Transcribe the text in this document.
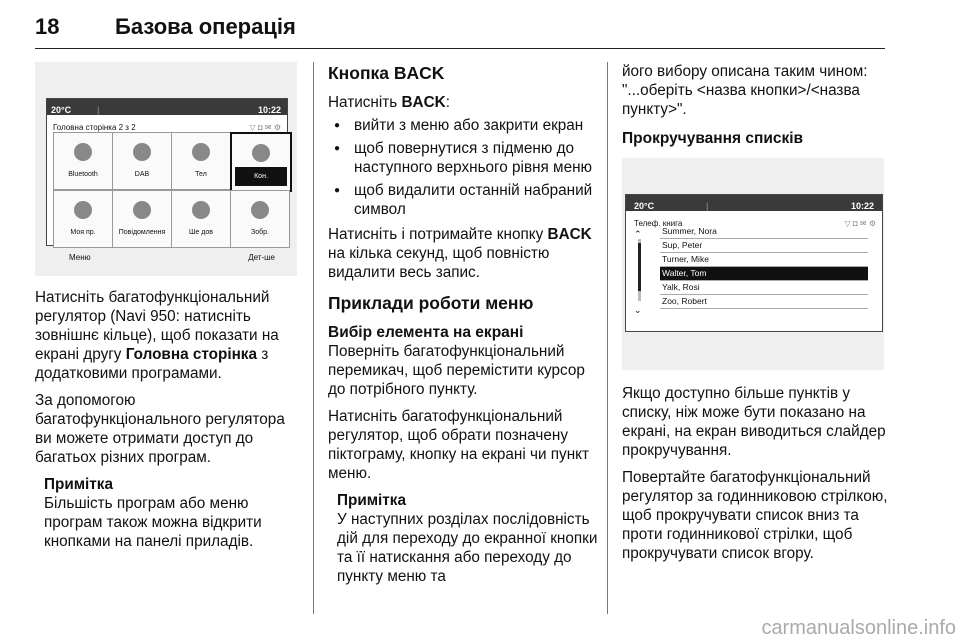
18	Базова операція
20°C	|	10:22
Головна сторінка 2 з 2	▽ ◘ ✉ ⚙
Bluetooth	DAB	Тел	Кон.
Моя пр.	Повідомлення	Ше дов	Зобр.
Меню	Дет-ше

Натисніть багатофункціональний регулятор (Navi 950: натисніть зовнішнє кільце), щоб показати на екрані другу Головна сторінка з додатковими програмами.

За допомогою багатофункціонального регулятора ви можете отримати доступ до багатьох різних програм.

Примітка
Більшість програм або меню програм також можна відкрити кнопками на панелі приладів.
Кнопка BACK

Натисніть BACK:

● вийти з меню або закрити екран
● щоб повернутися з підменю до наступного верхнього рівня меню
● щоб видалити останній набраний символ

Натисніть і потримайте кнопку BACK на кілька секунд, щоб повністю видалити весь запис.

Приклади роботи меню
Вибір елемента на екрані

Поверніть багатофункціональний перемикач, щоб перемістити курсор до потрібного пункту.

Натисніть багатофункціональний регулятор, щоб обрати позначену піктограму, кнопку на екрані чи пункт меню.

Примітка
У наступних розділах послідовність дій для переходу до екранної кнопки та її натискання або переходу до пункту меню та

його вибору описана таким чином: "...оберіть <назва кнопки>/<назва пункту>".

Прокручування списків
20°C	|	10:22
Телеф. книга	▽ ◘ ✉ ⚙
⌃
⌄
Summer, Nora
Sup, Peter
Turner, Mike
Walter, Tom
Yalk, Rosi
Zoo, Robert

Якщо доступно більше пунктів у списку, ніж може бути показано на екрані, на екран виводиться слайдер прокручування.

Повертайте багатофункціональний регулятор за годинниковою стрілкою, щоб прокручувати список вниз та проти годинникової стрілки, щоб прокручувати список вгору.

carmanualsonline.info
